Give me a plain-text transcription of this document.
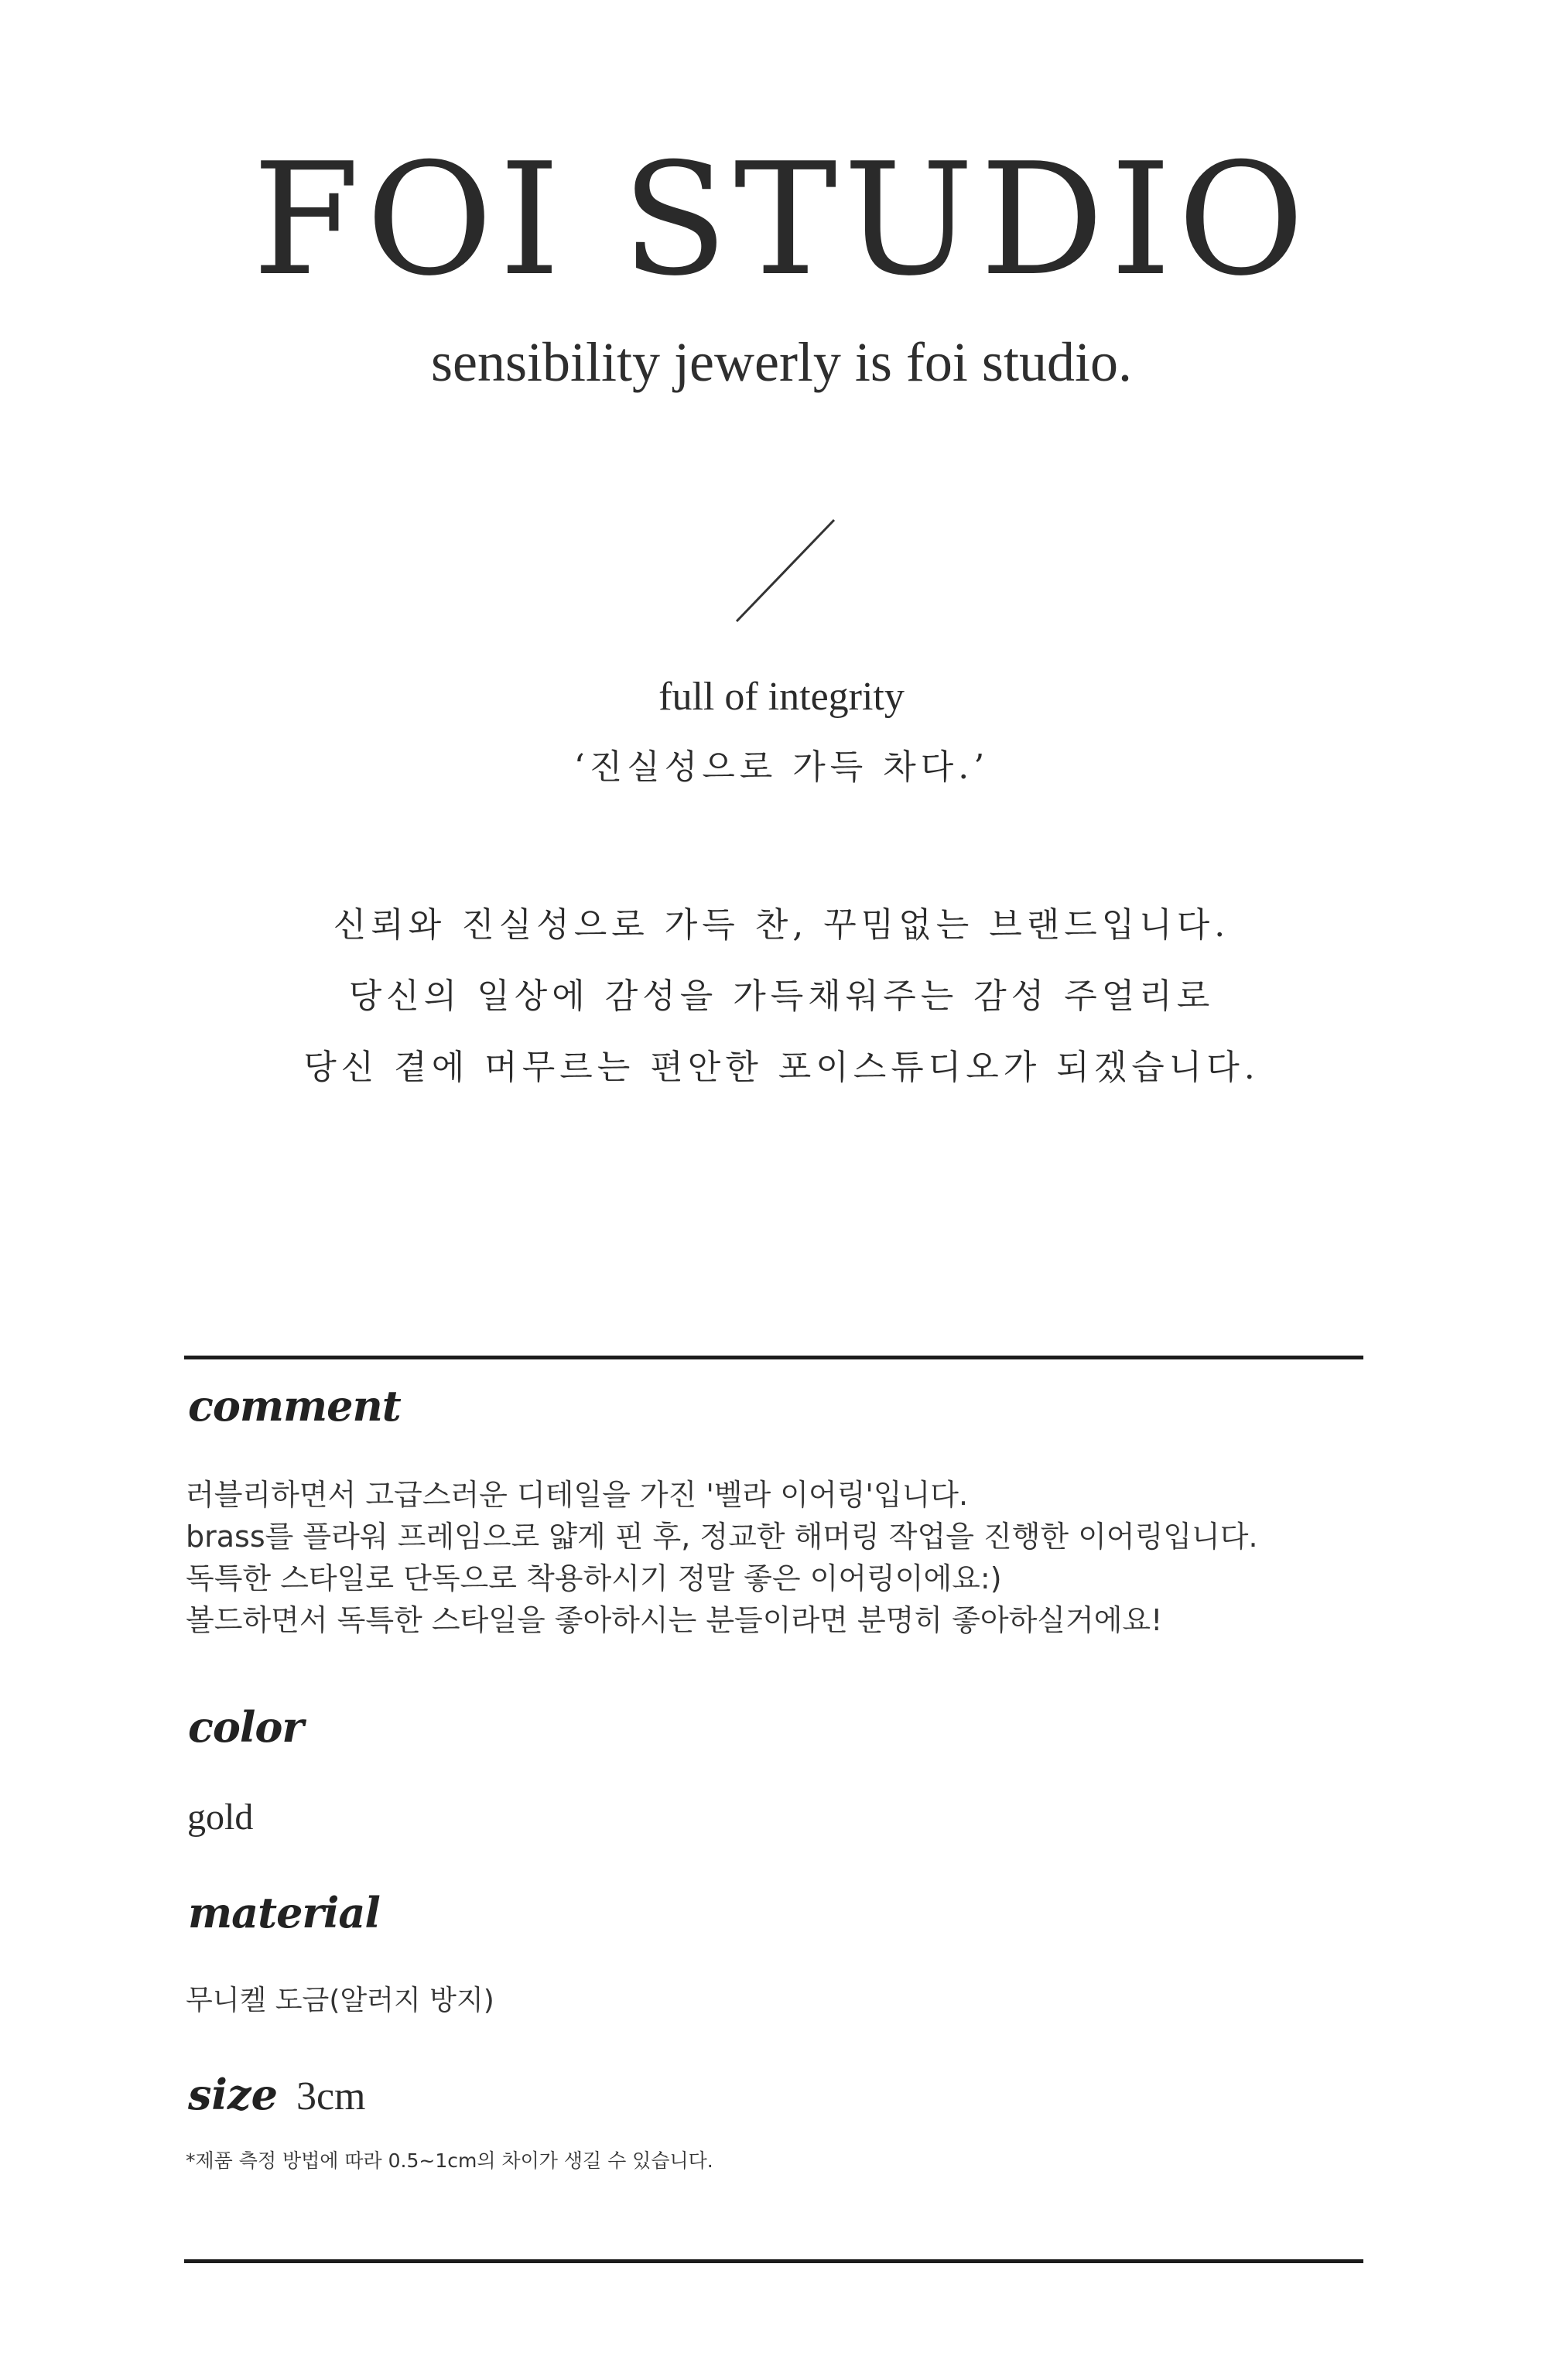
FOI STUDIO
sensibility jewerly is foi studio.
full of integrity
‘진실성으로 가득 차다.’

신뢰와 진실성으로 가득 찬, 꾸밈없는 브랜드입니다.

당신의 일상에 감성을 가득채워주는 감성 주얼리로

당신 곁에 머무르는 편안한 포이스튜디오가 되겠습니다.

comment

러블리하면서 고급스러운 디테일을 가진 '벨라 이어링'입니다.

brass를 플라워 프레임으로 얇게 핀 후, 정교한 해머링 작업을 진행한 이어링입니다.

독특한 스타일로 단독으로 착용하시기 정말 좋은 이어링이에요:)

볼드하면서 독특한 스타일을 좋아하시는 분들이라면 분명히 좋아하실거에요!

color
gold
material
무니켈 도금(알러지 방지)
size 3cm
*제품 측정 방법에 따라 0.5~1cm의 차이가 생길 수 있습니다.
